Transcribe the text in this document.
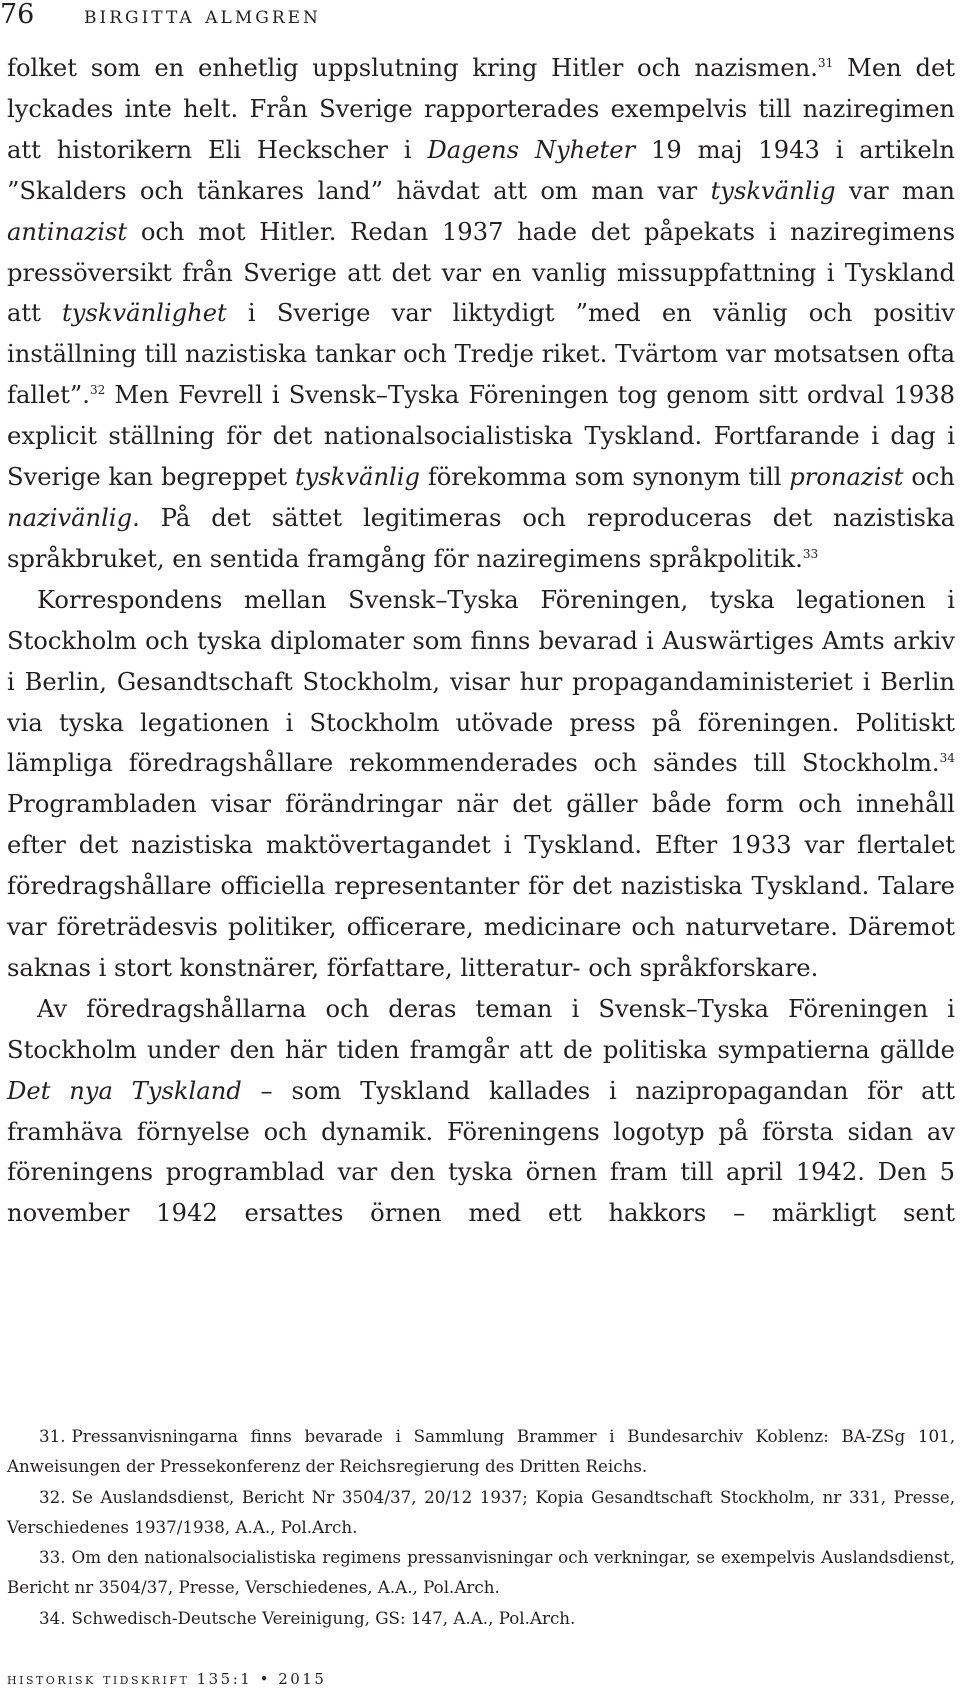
76 birgitta almgren

folket som en enhetlig uppslutning kring Hitler och nazismen.$^{31}$ Men det lyckades inte helt. Från Sverige rapporterades exempelvis till naziregimen att historikern Eli Heckscher i Dagens Nyheter 19 maj 1943 i artikeln ”Skalders och tänkares land” hävdat att om man var tyskvänlig var man antinazist och mot Hitler. Redan 1937 hade det påpekats i naziregimens pressöversikt från Sverige att det var en vanlig missuppfattning i Tyskland att tyskvänlighet i Sverige var liktydigt ”med en vänlig och positiv inställning till nazistiska tankar och Tredje riket. Tvärtom var motsatsen ofta fallet”.$^{32}$ Men Fevrell i Svensk–Tyska Föreningen tog genom sitt ordval 1938 explicit ställning för det nationalsocialistiska Tyskland. Fortfarande i dag i Sverige kan begreppet tyskvänlig förekomma som synonym till pronazist och nazivänlig. På det sättet legitimeras och reproduceras det nazistiska språkbruket, en sentida framgång för naziregimens språkpolitik.$^{33}$

Korrespondens mellan Svensk–Tyska Föreningen, tyska legationen i Stockholm och tyska diplomater som finns bevarad i Auswärtiges Amts arkiv i Berlin, Gesandtschaft Stockholm, visar hur propagandaministeriet i Berlin via tyska legationen i Stockholm utövade press på föreningen. Politiskt lämpliga föredragshållare rekommenderades och sändes till Stockholm.$^{34}$ Programbladen visar förändringar när det gäller både form och innehåll efter det nazistiska maktövertagandet i Tyskland. Efter 1933 var flertalet föredragshållare officiella representanter för det nazistiska Tyskland. Talare var företrädesvis politiker, officerare, medicinare och naturvetare. Däremot saknas i stort konstnärer, författare, litteratur- och språkforskare.

Av föredragshållarna och deras teman i Svensk–Tyska Föreningen i Stockholm under den här tiden framgår att de politiska sympatierna gällde Det nya Tyskland – som Tyskland kallades i nazipropagandan för att framhäva förnyelse och dynamik. Föreningens logotyp på första sidan av föreningens programblad var den tyska örnen fram till april 1942. Den 5 november 1942 ersattes örnen med ett hakkors – märkligt sent

31. Pressanvisningarna finns bevarade i Sammlung Brammer i Bundesarchiv Koblenz: BA-ZSg 101, Anweisungen der Pressekonferenz der Reichsregierung des Dritten Reichs.

32. Se Auslandsdienst, Bericht Nr 3504/37, 20/12 1937; Kopia Gesandtschaft Stockholm, nr 331, Presse, Verschiedenes 1937/1938, A.A., Pol.Arch.

33. Om den nationalsocialistiska regimens pressanvisningar och verkningar, se exempelvis Auslandsdienst, Bericht nr 3504/37, Presse, Verschiedenes, A.A., Pol.Arch.

34. Schwedisch-Deutsche Vereinigung, GS: 147, A.A., Pol.Arch.

historisk tidskrift 135:1 • 2015
